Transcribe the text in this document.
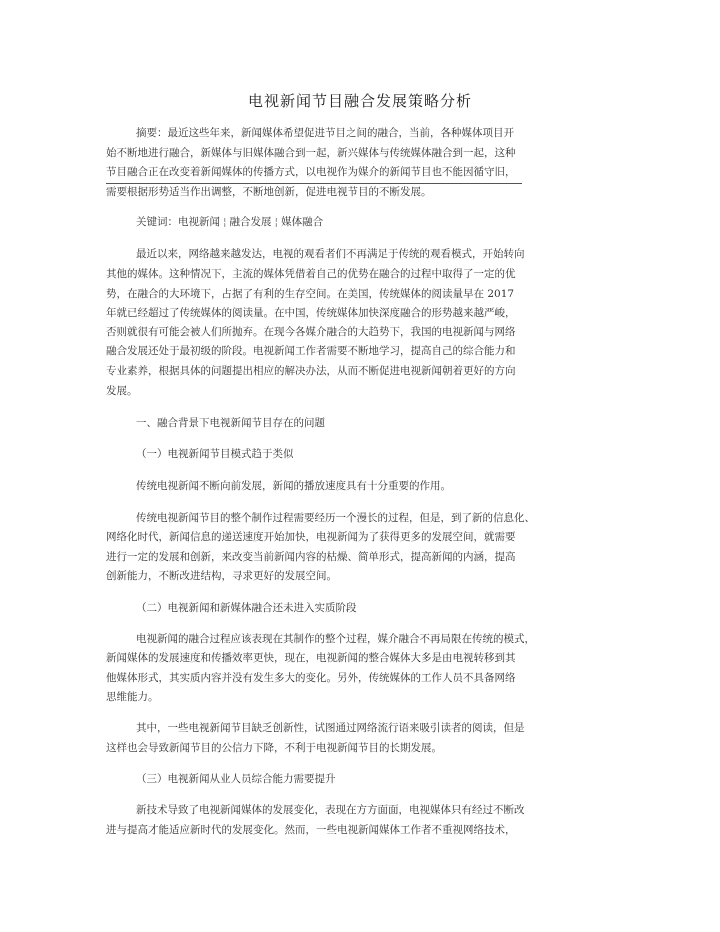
电视新闻节目融合发展策略分析
摘要：最近这些年来，新闻媒体希望促进节目之间的融合，当前，各种媒体项目开
始不断地进行融合，新媒体与旧媒体融合到一起，新兴媒体与传统媒体融合到一起，这种
节目融合正在改变着新闻媒体的传播方式，以电视作为媒介的新闻节目也不能因循守旧，
需要根据形势适当作出调整，不断地创新，促进电视节目的不断发展。
关键词：电视新闻 ¦ 融合发展 ¦ 媒体融合
最近以来，网络越来越发达，电视的观看者们不再满足于传统的观看模式，开始转向
其他的媒体。这种情况下，主流的媒体凭借着自己的优势在融合的过程中取得了一定的优
势，在融合的大环境下，占据了有利的生存空间。在美国，传统媒体的阅读量早在 2017
年就已经超过了传统媒体的阅读量。在中国，传统媒体加快深度融合的形势越来越严峻，
否则就很有可能会被人们所抛弃。在现今各媒介融合的大趋势下，我国的电视新闻与网络
融合发展还处于最初级的阶段。电视新闻工作者需要不断地学习，提高自己的综合能力和
专业素养，根据具体的问题提出相应的解决办法，从而不断促进电视新闻朝着更好的方向
发展。
一、融合背景下电视新闻节目存在的问题
（一）电视新闻节目模式趋于类似
传统电视新闻不断向前发展，新闻的播放速度具有十分重要的作用。
传统电视新闻节目的整个制作过程需要经历一个漫长的过程，但是，到了新的信息化、
网络化时代，新闻信息的递送速度开始加快，电视新闻为了获得更多的发展空间，就需要
进行一定的发展和创新，来改变当前新闻内容的枯燥、简单形式，提高新闻的内涵，提高
创新能力，不断改进结构，寻求更好的发展空间。
（二）电视新闻和新媒体融合还未进入实质阶段
电视新闻的融合过程应该表现在其制作的整个过程，媒介融合不再局限在传统的模式，
新闻媒体的发展速度和传播效率更快，现在，电视新闻的整合媒体大多是由电视转移到其
他媒体形式，其实质内容并没有发生多大的变化。另外，传统媒体的工作人员不具备网络
思维能力。
其中，一些电视新闻节目缺乏创新性，试图通过网络流行语来吸引读者的阅读，但是
这样也会导致新闻节目的公信力下降，不利于电视新闻节目的长期发展。
（三）电视新闻从业人员综合能力需要提升
新技术导致了电视新闻媒体的发展变化，表现在方方面面，电视媒体只有经过不断改
进与提高才能适应新时代的发展变化。然而，一些电视新闻媒体工作者不重视网络技术，
